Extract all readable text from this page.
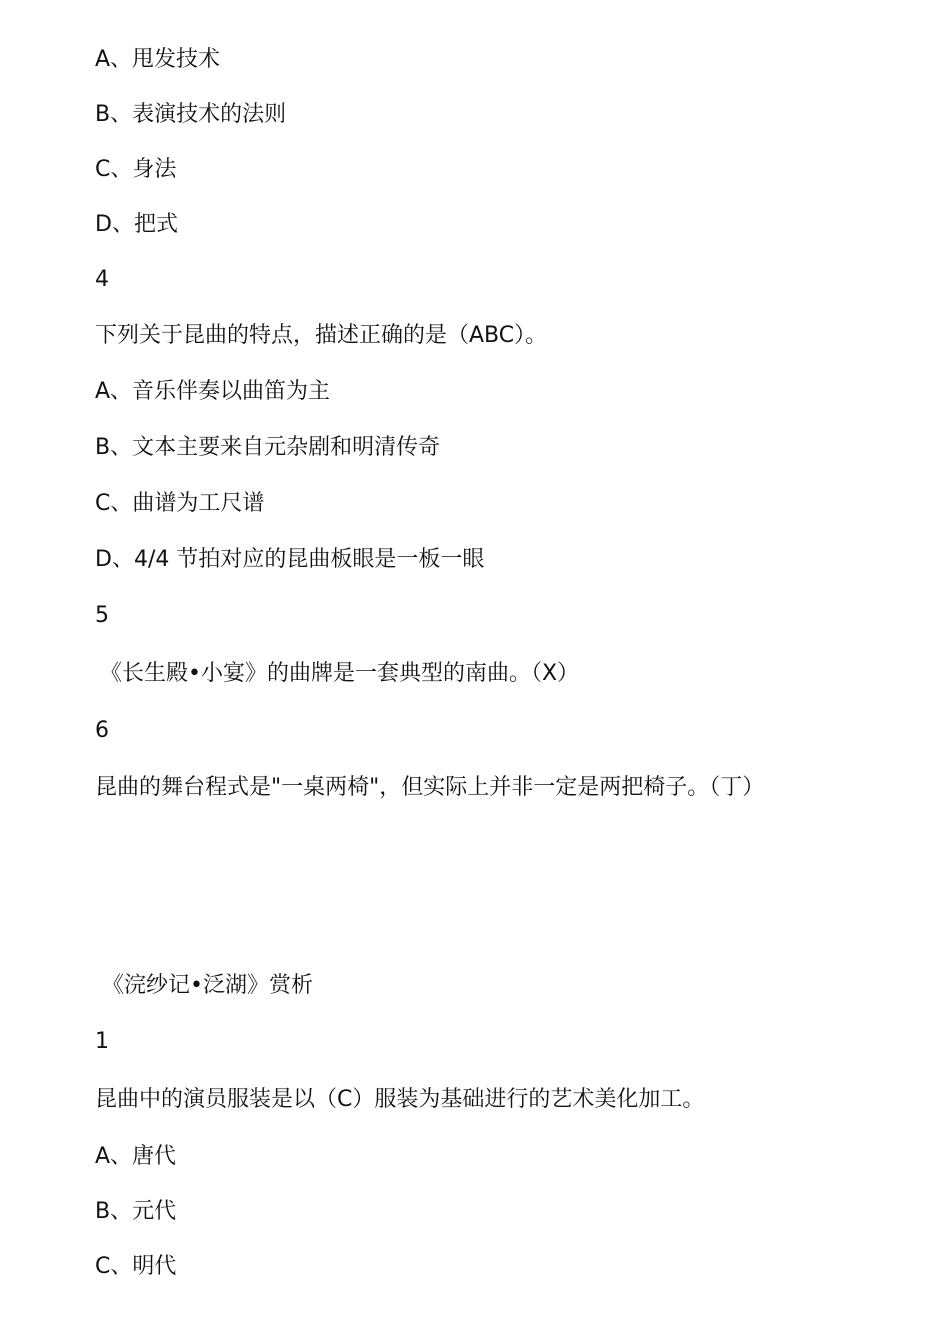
A、甩发技术

B、表演技术的法则

C、身法

D、把式

4

下列关于昆曲的特点，描述正确的是（ABC）。

A、音乐伴奏以曲笛为主

B、文本主要来自元杂剧和明清传奇

C、曲谱为工尺谱

D、4/4 节拍对应的昆曲板眼是一板一眼

5

《长生殿•小宴》的曲牌是一套典型的南曲。（X）

6

昆曲的舞台程式是"一桌两椅"，但实际上并非一定是两把椅子。（丁）

《浣纱记•泛湖》赏析

1

昆曲中的演员服装是以（C）服装为基础进行的艺术美化加工。

A、唐代

B、元代

C、明代
